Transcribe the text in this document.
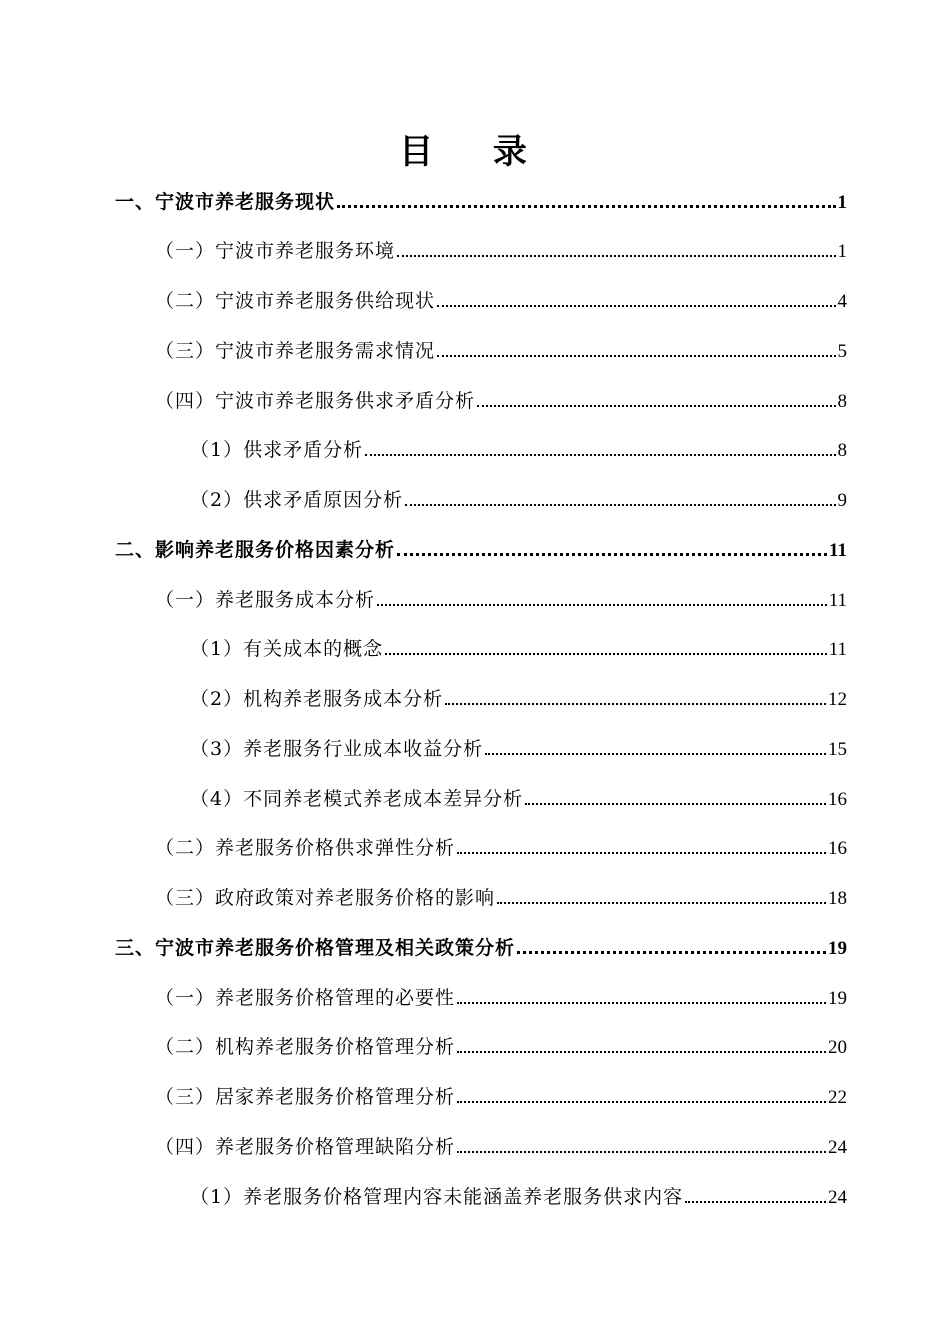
目 录
一、宁波市养老服务现状	1
（一）宁波市养老服务环境	1
（二）宁波市养老服务供给现状	4
（三）宁波市养老服务需求情况	5
（四）宁波市养老服务供求矛盾分析	8
（1）供求矛盾分析	8
（2）供求矛盾原因分析	9
二、影响养老服务价格因素分析	11
（一）养老服务成本分析	11
（1）有关成本的概念	11
（2）机构养老服务成本分析	12
（3）养老服务行业成本收益分析	15
（4）不同养老模式养老成本差异分析	16
（二）养老服务价格供求弹性分析	16
（三）政府政策对养老服务价格的影响	18
三、宁波市养老服务价格管理及相关政策分析	19
（一）养老服务价格管理的必要性	19
（二）机构养老服务价格管理分析	20
（三）居家养老服务价格管理分析	22
（四）养老服务价格管理缺陷分析	24
（1）养老服务价格管理内容未能涵盖养老服务供求内容	24
